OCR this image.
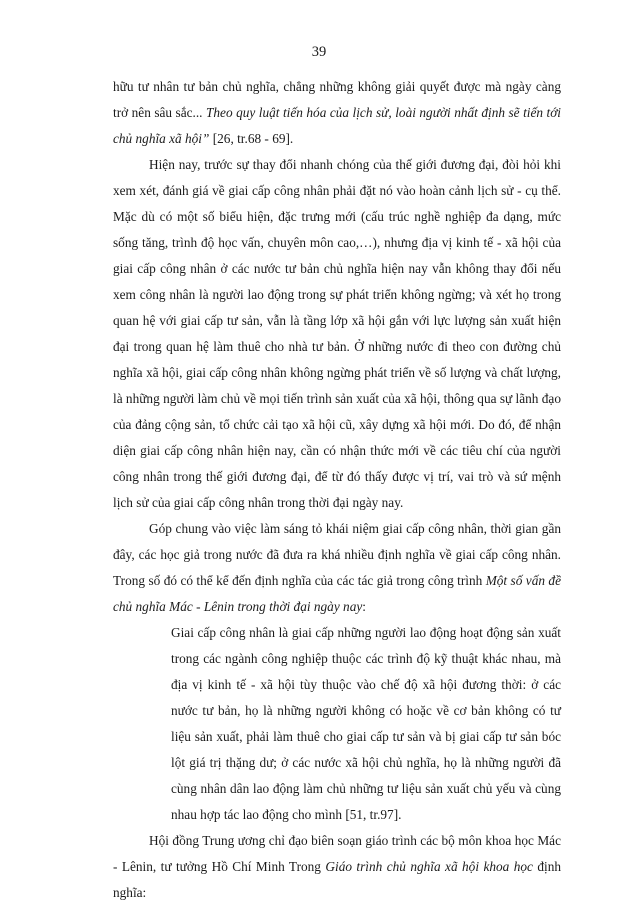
39

hữu tư nhân tư bản chủ nghĩa, chẳng những không giải quyết được mà ngày càng trở nên sâu sắc... Theo quy luật tiến hóa của lịch sử, loài người nhất định sẽ tiến tới chủ nghĩa xã hội” [26, tr.68 - 69].

Hiện nay, trước sự thay đổi nhanh chóng của thế giới đương đại, đòi hỏi khi xem xét, đánh giá về giai cấp công nhân phải đặt nó vào hoàn cảnh lịch sử - cụ thể. Mặc dù có một số biểu hiện, đặc trưng mới (cấu trúc nghề nghiệp đa dạng, mức sống tăng, trình độ học vấn, chuyên môn cao,…), nhưng địa vị kinh tế - xã hội của giai cấp công nhân ở các nước tư bản chủ nghĩa hiện nay vẫn không thay đổi nếu xem công nhân là người lao động trong sự phát triển không ngừng; và xét họ trong quan hệ với giai cấp tư sản, vẫn là tầng lớp xã hội gắn với lực lượng sản xuất hiện đại trong quan hệ làm thuê cho nhà tư bản. Ở những nước đi theo con đường chủ nghĩa xã hội, giai cấp công nhân không ngừng phát triển về số lượng và chất lượng, là những người làm chủ về mọi tiến trình sản xuất của xã hội, thông qua sự lãnh đạo của đảng cộng sản, tổ chức cải tạo xã hội cũ, xây dựng xã hội mới. Do đó, để nhận diện giai cấp công nhân hiện nay, cần có nhận thức mới về các tiêu chí của người công nhân trong thế giới đương đại, để từ đó thấy được vị trí, vai trò và sứ mệnh lịch sử của giai cấp công nhân trong thời đại ngày nay.

Góp chung vào việc làm sáng tỏ khái niệm giai cấp công nhân, thời gian gần đây, các học giả trong nước đã đưa ra khá nhiều định nghĩa về giai cấp công nhân. Trong số đó có thể kể đến định nghĩa của các tác giả trong công trình Một số vấn đề chủ nghĩa Mác - Lênin trong thời đại ngày nay:

Giai cấp công nhân là giai cấp những người lao động hoạt động sản xuất trong các ngành công nghiệp thuộc các trình độ kỹ thuật khác nhau, mà địa vị kinh tế - xã hội tùy thuộc vào chế độ xã hội đương thời: ở các nước tư bản, họ là những người không có hoặc về cơ bản không có tư liệu sản xuất, phải làm thuê cho giai cấp tư sản và bị giai cấp tư sản bóc lột giá trị thặng dư; ở các nước xã hội chủ nghĩa, họ là những người đã cùng nhân dân lao động làm chủ những tư liệu sản xuất chủ yếu và cùng nhau hợp tác lao động cho mình [51, tr.97].

Hội đồng Trung ương chỉ đạo biên soạn giáo trình các bộ môn khoa học Mác - Lênin, tư tưởng Hồ Chí Minh Trong Giáo trình chủ nghĩa xã hội khoa học định nghĩa:
